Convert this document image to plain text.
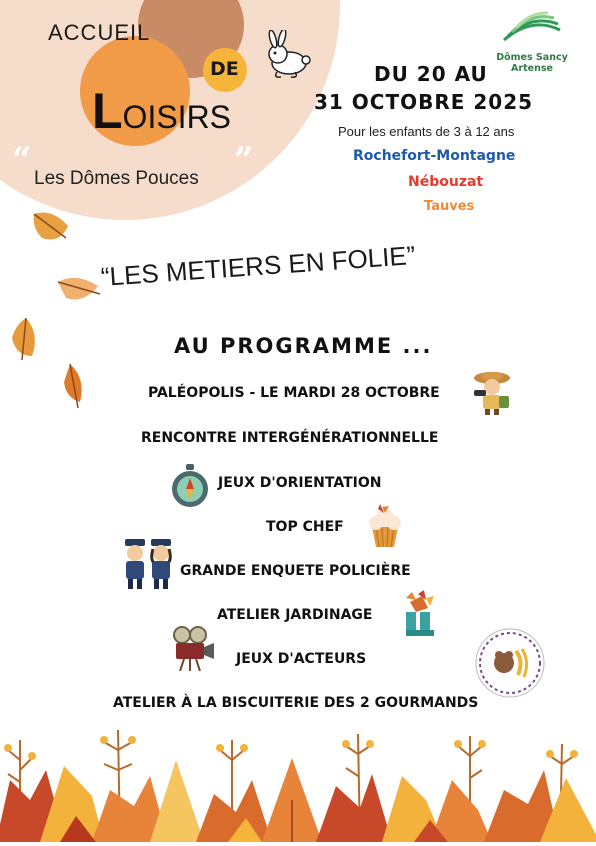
ACCUEIL
DE
LOISIRS
“	”
Les Dômes Pouces
Dômes Sancy Artense
DU 20 AU
31 OCTOBRE 2025
Pour les enfants de 3 à 12 ans
Rochefort-Montagne
Nébouzat
Tauves
“LES METIERS EN FOLIE”
AU PROGRAMME ...
PALÉOPOLIS - LE MARDI 28 OCTOBRE
RENCONTRE INTERGÉNÉRATIONNELLE
JEUX D'ORIENTATION
TOP CHEF
GRANDE ENQUETE POLICIÈRE
ATELIER JARDINAGE
JEUX D'ACTEURS
ATELIER À LA BISCUITERIE DES 2 GOURMANDS
